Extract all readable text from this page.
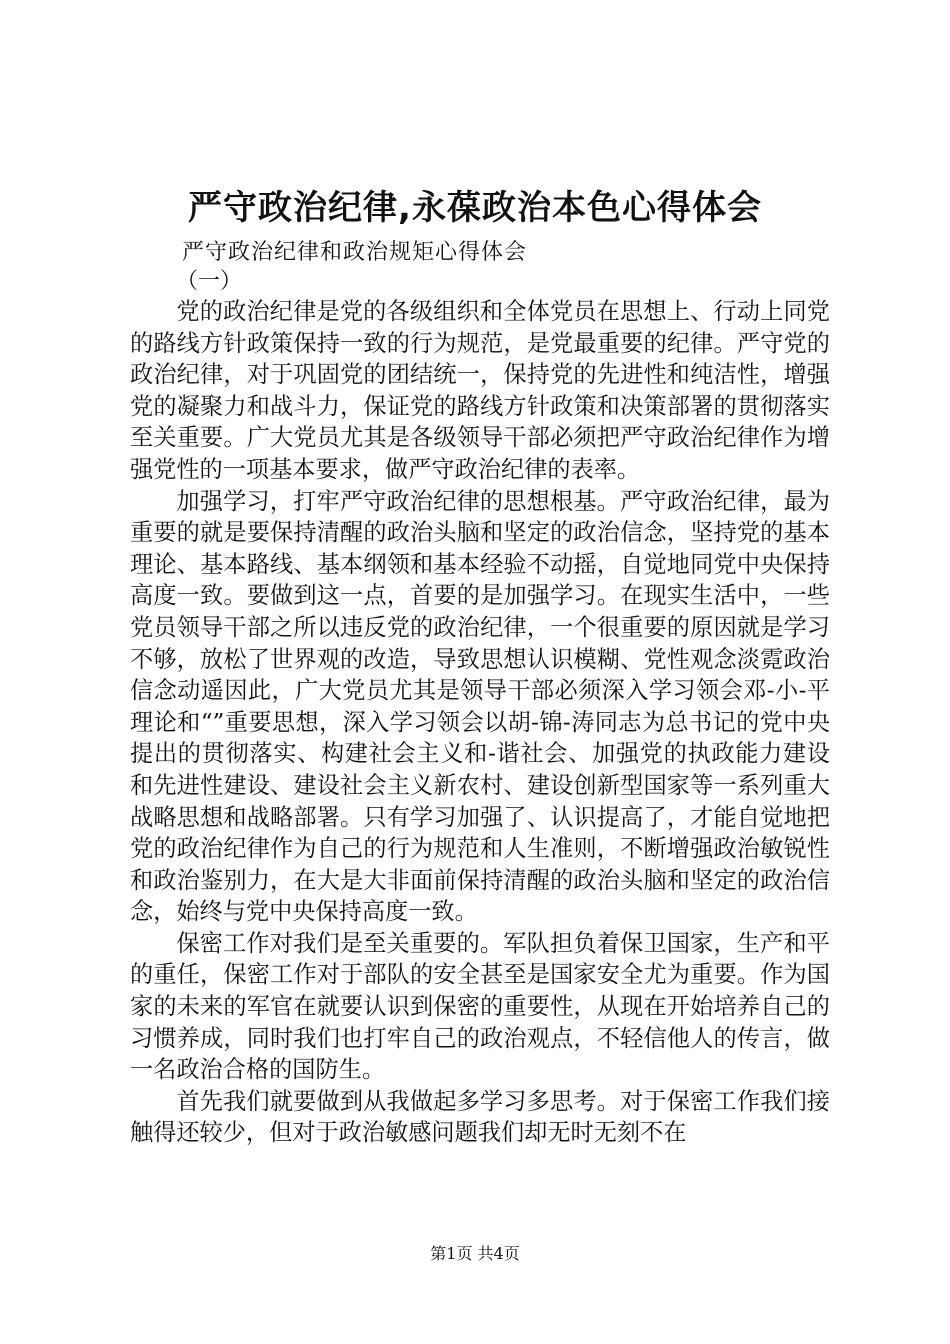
严守政治纪律,永葆政治本色心得体会
严守政治纪律和政治规矩心得体会
（一）

党的政治纪律是党的各级组织和全体党员在思想上、行动上同党的路线方针政策保持一致的行为规范，是党最重要的纪律。严守党的政治纪律，对于巩固党的团结统一，保持党的先进性和纯洁性，增强党的凝聚力和战斗力，保证党的路线方针政策和决策部署的贯彻落实至关重要。广大党员尤其是各级领导干部必须把严守政治纪律作为增强党性的一项基本要求，做严守政治纪律的表率。

加强学习，打牢严守政治纪律的思想根基。严守政治纪律，最为重要的就是要保持清醒的政治头脑和坚定的政治信念，坚持党的基本理论、基本路线、基本纲领和基本经验不动摇，自觉地同党中央保持高度一致。要做到这一点，首要的是加强学习。在现实生活中，一些党员领导干部之所以违反党的政治纪律，一个很重要的原因就是学习不够，放松了世界观的改造，导致思想认识模糊、党性观念淡霓政治信念动遥因此，广大党员尤其是领导干部必须深入学习领会邓-小-平理论和“”重要思想，深入学习领会以胡-锦-涛同志为总书记的党中央提出的贯彻落实、构建社会主义和-谐社会、加强党的执政能力建设和先进性建设、建设社会主义新农村、建设创新型国家等一系列重大战略思想和战略部署。只有学习加强了、认识提高了，才能自觉地把党的政治纪律作为自己的行为规范和人生准则，不断增强政治敏锐性和政治鉴别力，在大是大非面前保持清醒的政治头脑和坚定的政治信念，始终与党中央保持高度一致。

保密工作对我们是至关重要的。军队担负着保卫国家，生产和平的重任，保密工作对于部队的安全甚至是国家安全尤为重要。作为国家的未来的军官在就要认识到保密的重要性，从现在开始培养自己的习惯养成，同时我们也打牢自己的政治观点，不轻信他人的传言，做一名政治合格的国防生。

首先我们就要做到从我做起多学习多思考。对于保密工作我们接触得还较少，但对于政治敏感问题我们却无时无刻不在

第1页 共4页
